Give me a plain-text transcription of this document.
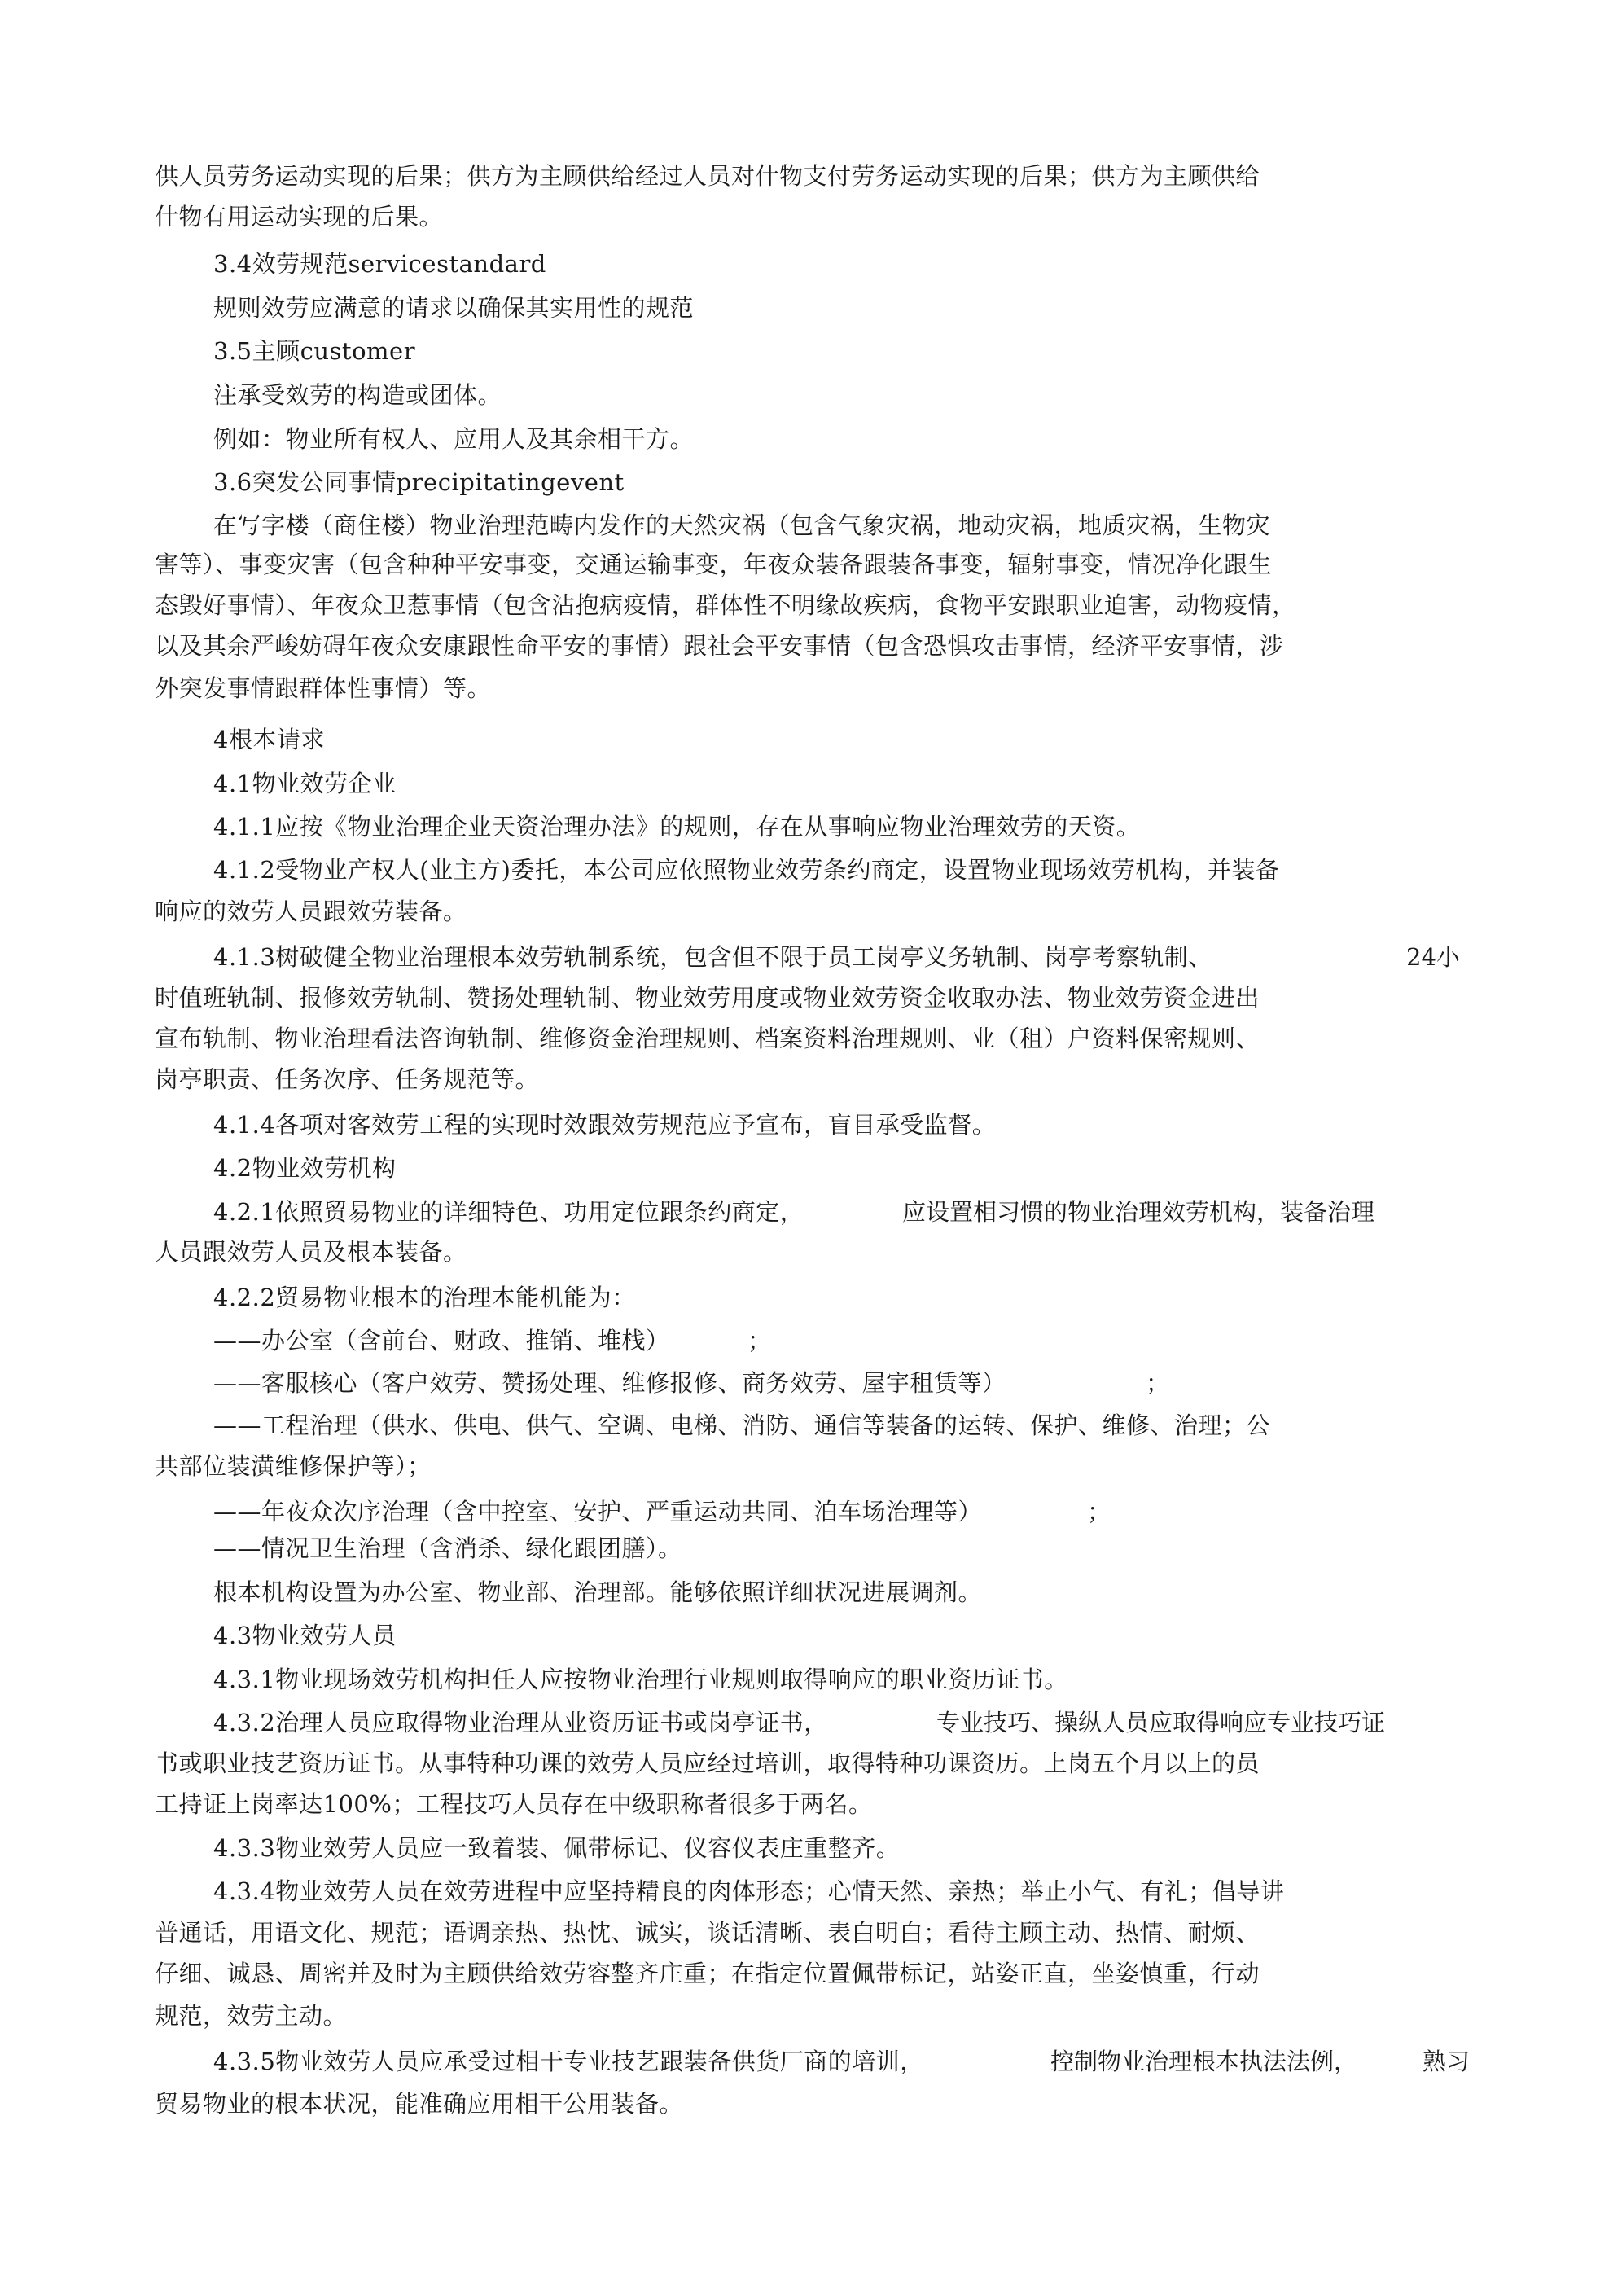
供人员劳务运动实现的后果；供方为主顾供给经过人员对什物支付劳务运动实现的后果；供方为主顾供给

什物有用运动实现的后果。

3.4效劳规范servicestandard

规则效劳应满意的请求以确保其实用性的规范

3.5主顾customer

注承受效劳的构造或团体。

例如：物业所有权人、应用人及其余相干方。

3.6突发公同事情precipitatingevent

在写字楼（商住楼）物业治理范畴内发作的天然灾祸（包含气象灾祸，地动灾祸，地质灾祸，生物灾

害等）、事变灾害（包含种种平安事变，交通运输事变，年夜众装备跟装备事变，辐射事变，情况净化跟生

态毁好事情）、年夜众卫惹事情（包含沾抱病疫情，群体性不明缘故疾病，食物平安跟职业迫害，动物疫情，

以及其余严峻妨碍年夜众安康跟性命平安的事情）跟社会平安事情（包含恐惧攻击事情，经济平安事情，涉

外突发事情跟群体性事情）等。

4根本请求

4.1物业效劳企业

4.1.1应按《物业治理企业天资治理办法》的规则，存在从事响应物业治理效劳的天资。

4.1.2受物业产权人(业主方)委托，本公司应依照物业效劳条约商定，设置物业现场效劳机构，并装备

响应的效劳人员跟效劳装备。

4.1.3树破健全物业治理根本效劳轨制系统，包含但不限于员工岗亭义务轨制、岗亭考察轨制、	24小

时值班轨制、报修效劳轨制、赞扬处理轨制、物业效劳用度或物业效劳资金收取办法、物业效劳资金进出

宣布轨制、物业治理看法咨询轨制、维修资金治理规则、档案资料治理规则、业（租）户资料保密规则、

岗亭职责、任务次序、任务规范等。

4.1.4各项对客效劳工程的实现时效跟效劳规范应予宣布，盲目承受监督。

4.2物业效劳机构

4.2.1依照贸易物业的详细特色、功用定位跟条约商定，	应设置相习惯的物业治理效劳机构，装备治理

人员跟效劳人员及根本装备。

4.2.2贸易物业根本的治理本能机能为：

——办公室（含前台、财政、推销、堆栈）	；

——客服核心（客户效劳、赞扬处理、维修报修、商务效劳、屋宇租赁等）	；

——工程治理（供水、供电、供气、空调、电梯、消防、通信等装备的运转、保护、维修、治理；公

共部位装潢维修保护等）；

——年夜众次序治理（含中控室、安护、严重运动共同、泊车场治理等）	；

——情况卫生治理（含消杀、绿化跟团膳）。

根本机构设置为办公室、物业部、治理部。能够依照详细状况进展调剂。

4.3物业效劳人员

4.3.1物业现场效劳机构担任人应按物业治理行业规则取得响应的职业资历证书。

4.3.2治理人员应取得物业治理从业资历证书或岗亭证书，	专业技巧、操纵人员应取得响应专业技巧证

书或职业技艺资历证书。从事特种功课的效劳人员应经过培训，取得特种功课资历。上岗五个月以上的员

工持证上岗率达100%；工程技巧人员存在中级职称者很多于两名。

4.3.3物业效劳人员应一致着装、佩带标记、仪容仪表庄重整齐。

4.3.4物业效劳人员在效劳进程中应坚持精良的肉体形态；心情天然、亲热；举止小气、有礼；倡导讲

普通话，用语文化、规范；语调亲热、热忱、诚实，谈话清晰、表白明白；看待主顾主动、热情、耐烦、

仔细、诚恳、周密并及时为主顾供给效劳容整齐庄重；在指定位置佩带标记，站姿正直，坐姿慎重，行动

规范，效劳主动。

4.3.5物业效劳人员应承受过相干专业技艺跟装备供货厂商的培训，	控制物业治理根本执法法例，	熟习

贸易物业的根本状况，能准确应用相干公用装备。
